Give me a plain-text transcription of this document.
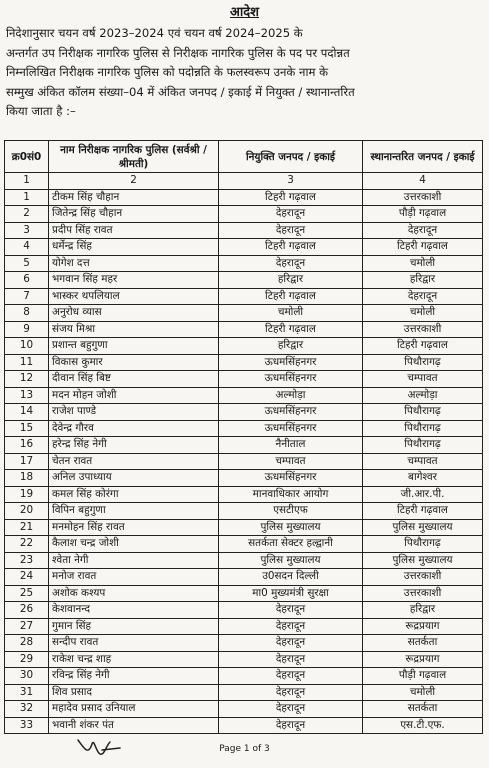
आदेश
निदेशानुसार चयन वर्ष 2023–2024 एवं चयन वर्ष 2024–2025 के
अन्तर्गत उप निरीक्षक नागरिक पुलिस से निरीक्षक नागरिक पुलिस के पद पर पदोन्नत
निम्नलिखित निरीक्षक नागरिक पुलिस को पदोन्नति के फलस्वरूप उनके नाम के
सम्मुख अंकित कॉलम संख्या–04 में अंकित जनपद / इकाई में नियुक्त / स्थानान्तरित
किया जाता है :–
क्र0सं0	नाम निरीक्षक नागरिक पुलिस (सर्वश्री / श्रीमती)	नियुक्ति जनपद / इकाई	स्थानान्तरित जनपद / इकाई
1	2	3	4
1	टीकम सिंह चौहान	टिहरी गढ़वाल	उत्तरकाशी
2	जितेन्द्र सिंह चौहान	देहरादून	पौड़ी गढ़वाल
3	प्रदीप सिंह रावत	देहरादून	देहरादून
4	धर्मेन्द्र सिंह	टिहरी गढ़वाल	टिहरी गढ़वाल
5	योगेश दत्त	देहरादून	चमोली
6	भगवान सिंह महर	हरिद्वार	हरिद्वार
7	भास्कर थपलियाल	टिहरी गढ़वाल	देहरादून
8	अनुरोध व्यास	चमोली	चमोली
9	संजय मिश्रा	टिहरी गढ़वाल	उत्तरकाशी
10	प्रशान्त बहुगुणा	हरिद्वार	टिहरी गढ़वाल
11	विकास कुमार	ऊधमसिंहनगर	पिथौरागढ़
12	दीवान सिंह बिष्ट	ऊधमसिंहनगर	चम्पावत
13	मदन मोहन जोशी	अल्मोड़ा	अल्मोड़ा
14	राजेश पाण्डे	ऊधमसिंहनगर	पिथौरागढ़
15	देवेन्द्र गौरव	ऊधमसिंहनगर	पिथौरागढ़
16	हरेन्द्र सिंह नेगी	नैनीताल	पिथौरागढ़
17	चेतन रावत	चम्पावत	चम्पावत
18	अनिल उपाध्याय	ऊधमसिंहनगर	बागेश्वर
19	कमल सिंह कोरंगा	मानवाधिकार आयोग	जी.आर.पी.
20	विपिन बहुगुणा	एसटीएफ	टिहरी गढ़वाल
21	मनमोहन सिंह रावत	पुलिस मुख्यालय	पुलिस मुख्यालय
22	कैलाश चन्द्र जोशी	सतर्कता सेक्टर हल्द्वानी	पिथौरागढ़
23	श्वेता नेगी	पुलिस मुख्यालय	पुलिस मुख्यालय
24	मनोज रावत	उ0सदन दिल्ली	उत्तरकाशी
25	अशोक कश्यप	मा0 मुख्यमंत्री सुरक्षा	उत्तरकाशी
26	केशवानन्द	देहरादून	हरिद्वार
27	गुमान सिंह	देहरादून	रूद्रप्रयाग
28	सन्दीप रावत	देहरादून	सतर्कता
29	राकेश चन्द्र शाह	देहरादून	रूद्रप्रयाग
30	रविन्द्र सिंह नेगी	देहरादून	पौड़ी गढ़वाल
31	शिव प्रसाद	देहरादून	चमोली
32	महादेव प्रसाद उनियाल	देहरादून	सतर्कता
33	भवानी शंकर पंत	देहरादून	एस.टी.एफ.
Page 1 of 3
